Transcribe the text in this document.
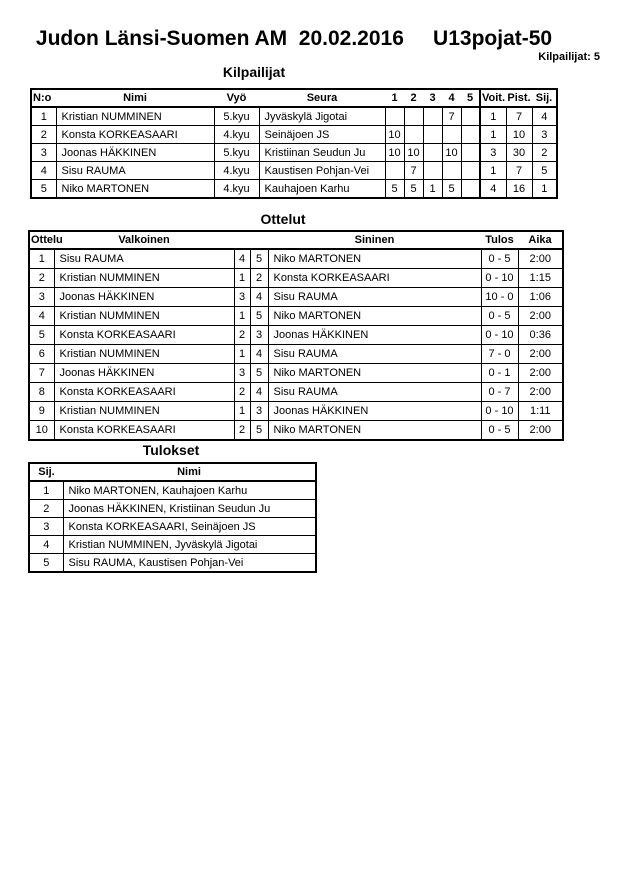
Judon Länsi-Suomen AM  20.02.2016     U13pojat-50
Kilpailijat: 5
Kilpailijat
N:o	Nimi	Vyö	Seura	1	2	3	4	5	Voit.	Pist.	Sij.
1	Kristian NUMMINEN	5.kyu	Jyväskylä Jigotai				7		1	7	4
2	Konsta KORKEASAARI	4.kyu	Seinäjoen JS	10					1	10	3
3	Joonas HÄKKINEN	5.kyu	Kristiinan Seudun Ju	10	10		10		3	30	2
4	Sisu RAUMA	4.kyu	Kaustisen Pohjan-Vei		7				1	7	5
5	Niko MARTONEN	4.kyu	Kauhajoen Karhu	5	5	1	5		4	16	1
Ottelut
Ottelu	Valkoinen			Sininen	Tulos	Aika
1	Sisu RAUMA	4	5	Niko MARTONEN	0 - 5	2:00
2	Kristian NUMMINEN	1	2	Konsta KORKEASAARI	0 - 10	1:15
3	Joonas HÄKKINEN	3	4	Sisu RAUMA	10 - 0	1:06
4	Kristian NUMMINEN	1	5	Niko MARTONEN	0 - 5	2:00
5	Konsta KORKEASAARI	2	3	Joonas HÄKKINEN	0 - 10	0:36
6	Kristian NUMMINEN	1	4	Sisu RAUMA	7 - 0	2:00
7	Joonas HÄKKINEN	3	5	Niko MARTONEN	0 - 1	2:00
8	Konsta KORKEASAARI	2	4	Sisu RAUMA	0 - 7	2:00
9	Kristian NUMMINEN	1	3	Joonas HÄKKINEN	0 - 10	1:11
10	Konsta KORKEASAARI	2	5	Niko MARTONEN	0 - 5	2:00
Tulokset
Sij.	Nimi
1	Niko MARTONEN, Kauhajoen Karhu
2	Joonas HÄKKINEN, Kristiinan Seudun Ju
3	Konsta KORKEASAARI, Seinäjoen JS
4	Kristian NUMMINEN, Jyväskylä Jigotai
5	Sisu RAUMA, Kaustisen Pohjan-Vei
